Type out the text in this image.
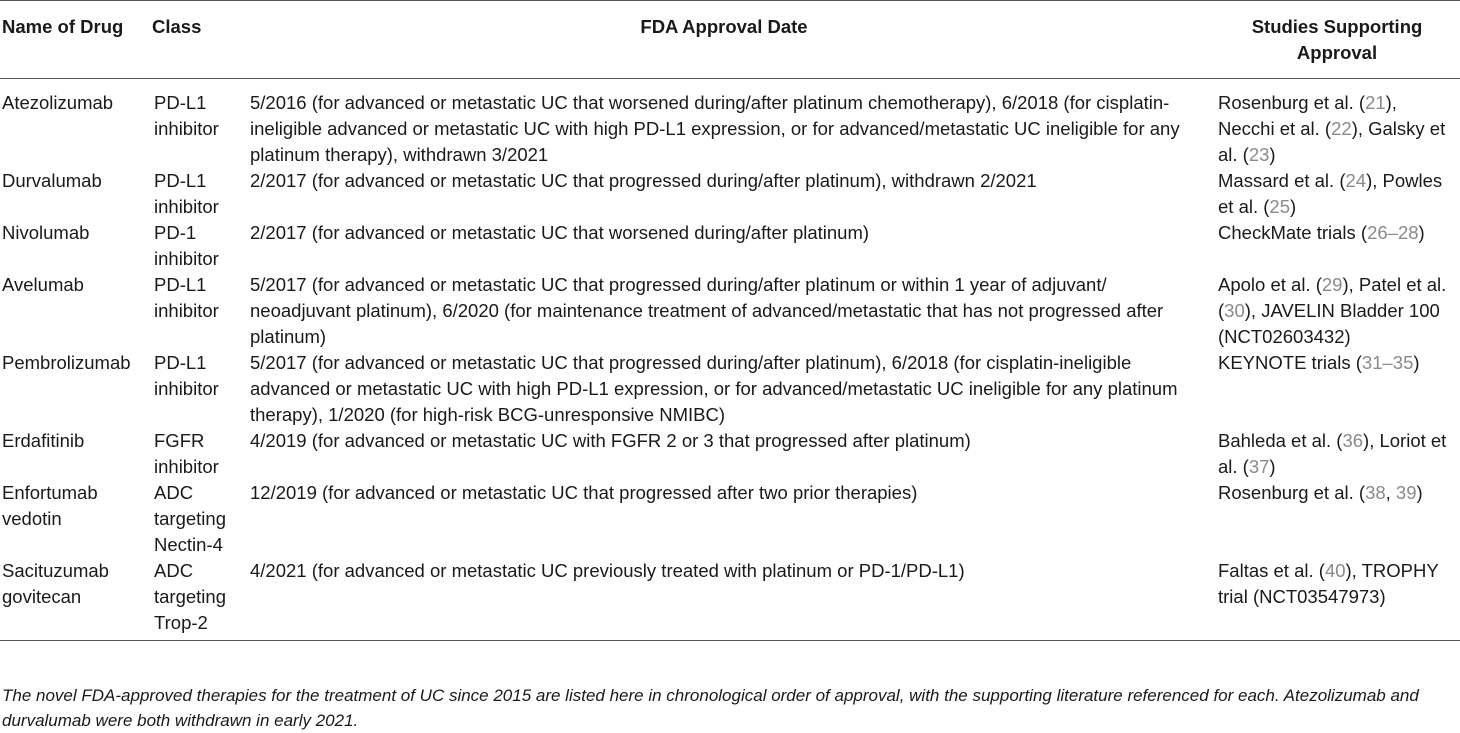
Name of Drug	Class	FDA Approval Date	Studies Supporting Approval
Atezolizumab	PD-L1 inhibitor	5/2016 (for advanced or metastatic UC that worsened during/after platinum chemotherapy), 6/2018 (for cisplatin-ineligible advanced or metastatic UC with high PD-L1 expression, or for advanced/metastatic UC ineligible for any platinum therapy), withdrawn 3/2021	Rosenburg et al. (21), Necchi et al. (22), Galsky et al. (23)
Durvalumab	PD-L1 inhibitor	2/2017 (for advanced or metastatic UC that progressed during/after platinum), withdrawn 2/2021	Massard et al. (24), Powles et al. (25)
Nivolumab	PD-1 inhibitor	2/2017 (for advanced or metastatic UC that worsened during/after platinum)	CheckMate trials (26–28)
Avelumab	PD-L1 inhibitor	5/2017 (for advanced or metastatic UC that progressed during/after platinum or within 1 year of adjuvant/ neoadjuvant platinum), 6/2020 (for maintenance treatment of advanced/metastatic that has not progressed after platinum)	Apolo et al. (29), Patel et al. (30), JAVELIN Bladder 100 (NCT02603432)
Pembrolizumab	PD-L1 inhibitor	5/2017 (for advanced or metastatic UC that progressed during/after platinum), 6/2018 (for cisplatin-ineligible advanced or metastatic UC with high PD-L1 expression, or for advanced/metastatic UC ineligible for any platinum therapy), 1/2020 (for high-risk BCG-unresponsive NMIBC)	KEYNOTE trials (31–35)
Erdafitinib	FGFR inhibitor	4/2019 (for advanced or metastatic UC with FGFR 2 or 3 that progressed after platinum)	Bahleda et al. (36), Loriot et al. (37)
Enfortumab vedotin	ADC targeting Nectin-4	12/2019 (for advanced or metastatic UC that progressed after two prior therapies)	Rosenburg et al. (38, 39)
Sacituzumab govitecan	ADC targeting Trop-2	4/2021 (for advanced or metastatic UC previously treated with platinum or PD-1/PD-L1)	Faltas et al. (40), TROPHY trial (NCT03547973)
The novel FDA-approved therapies for the treatment of UC since 2015 are listed here in chronological order of approval, with the supporting literature referenced for each. Atezolizumab and durvalumab were both withdrawn in early 2021.
